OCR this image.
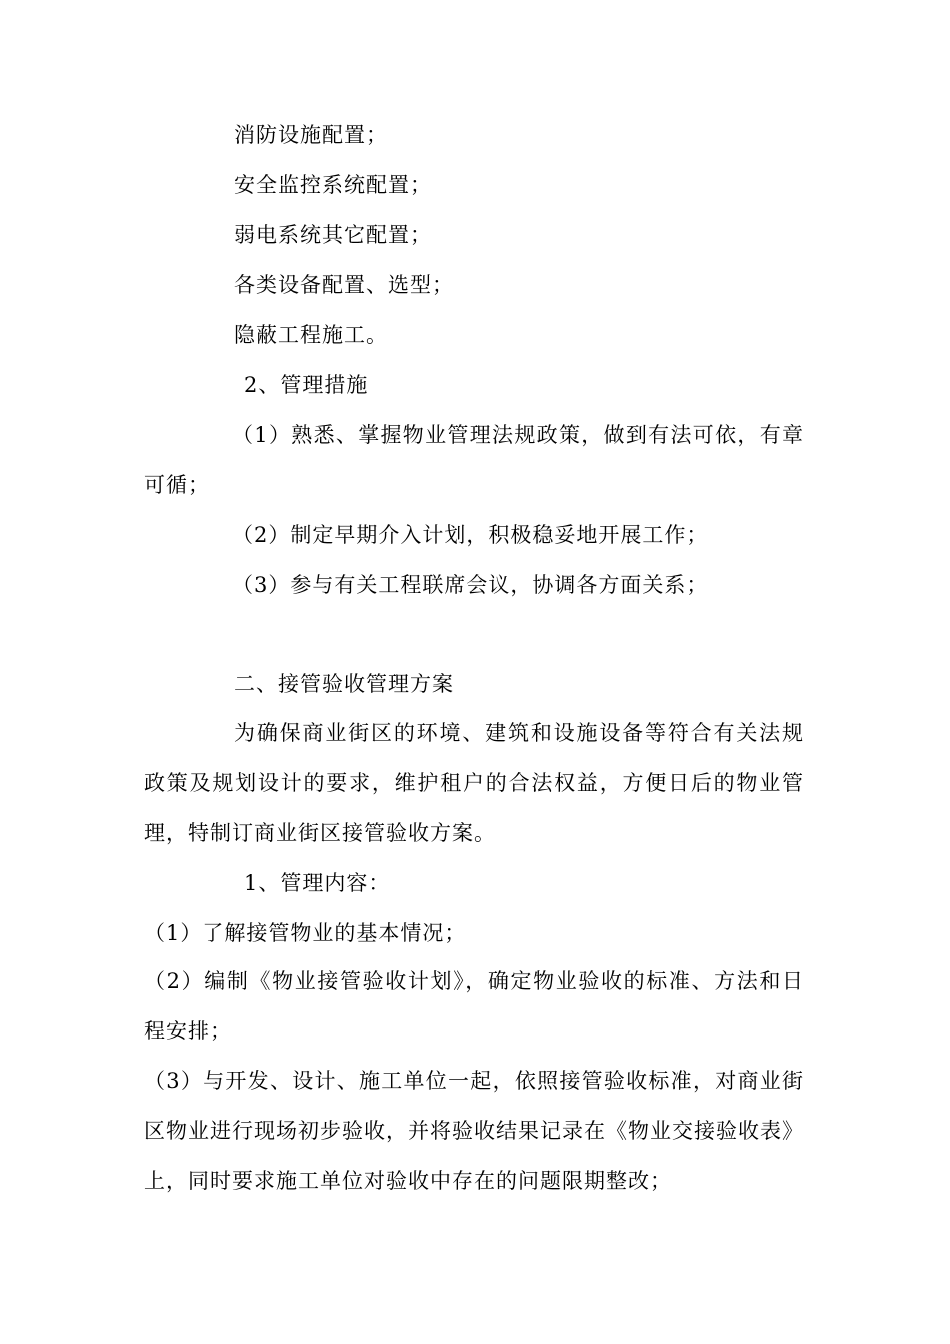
消防设施配置；
安全监控系统配置；
弱电系统其它配置；
各类设备配置、选型；
隐蔽工程施工。
2、管理措施
（1）熟悉、掌握物业管理法规政策，做到有法可依，有章可循；
（2）制定早期介入计划，积极稳妥地开展工作；
（3）参与有关工程联席会议，协调各方面关系；
二、接管验收管理方案
为确保商业街区的环境、建筑和设施设备等符合有关法规政策及规划设计的要求，维护租户的合法权益，方便日后的物业管理，特制订商业街区接管验收方案。
1、管理内容：
（1）了解接管物业的基本情况；
（2）编制《物业接管验收计划》，确定物业验收的标准、方法和日程安排；
（3）与开发、设计、施工单位一起，依照接管验收标准，对商业街区物业进行现场初步验收，并将验收结果记录在《物业交接验收表》上，同时要求施工单位对验收中存在的问题限期整改；
